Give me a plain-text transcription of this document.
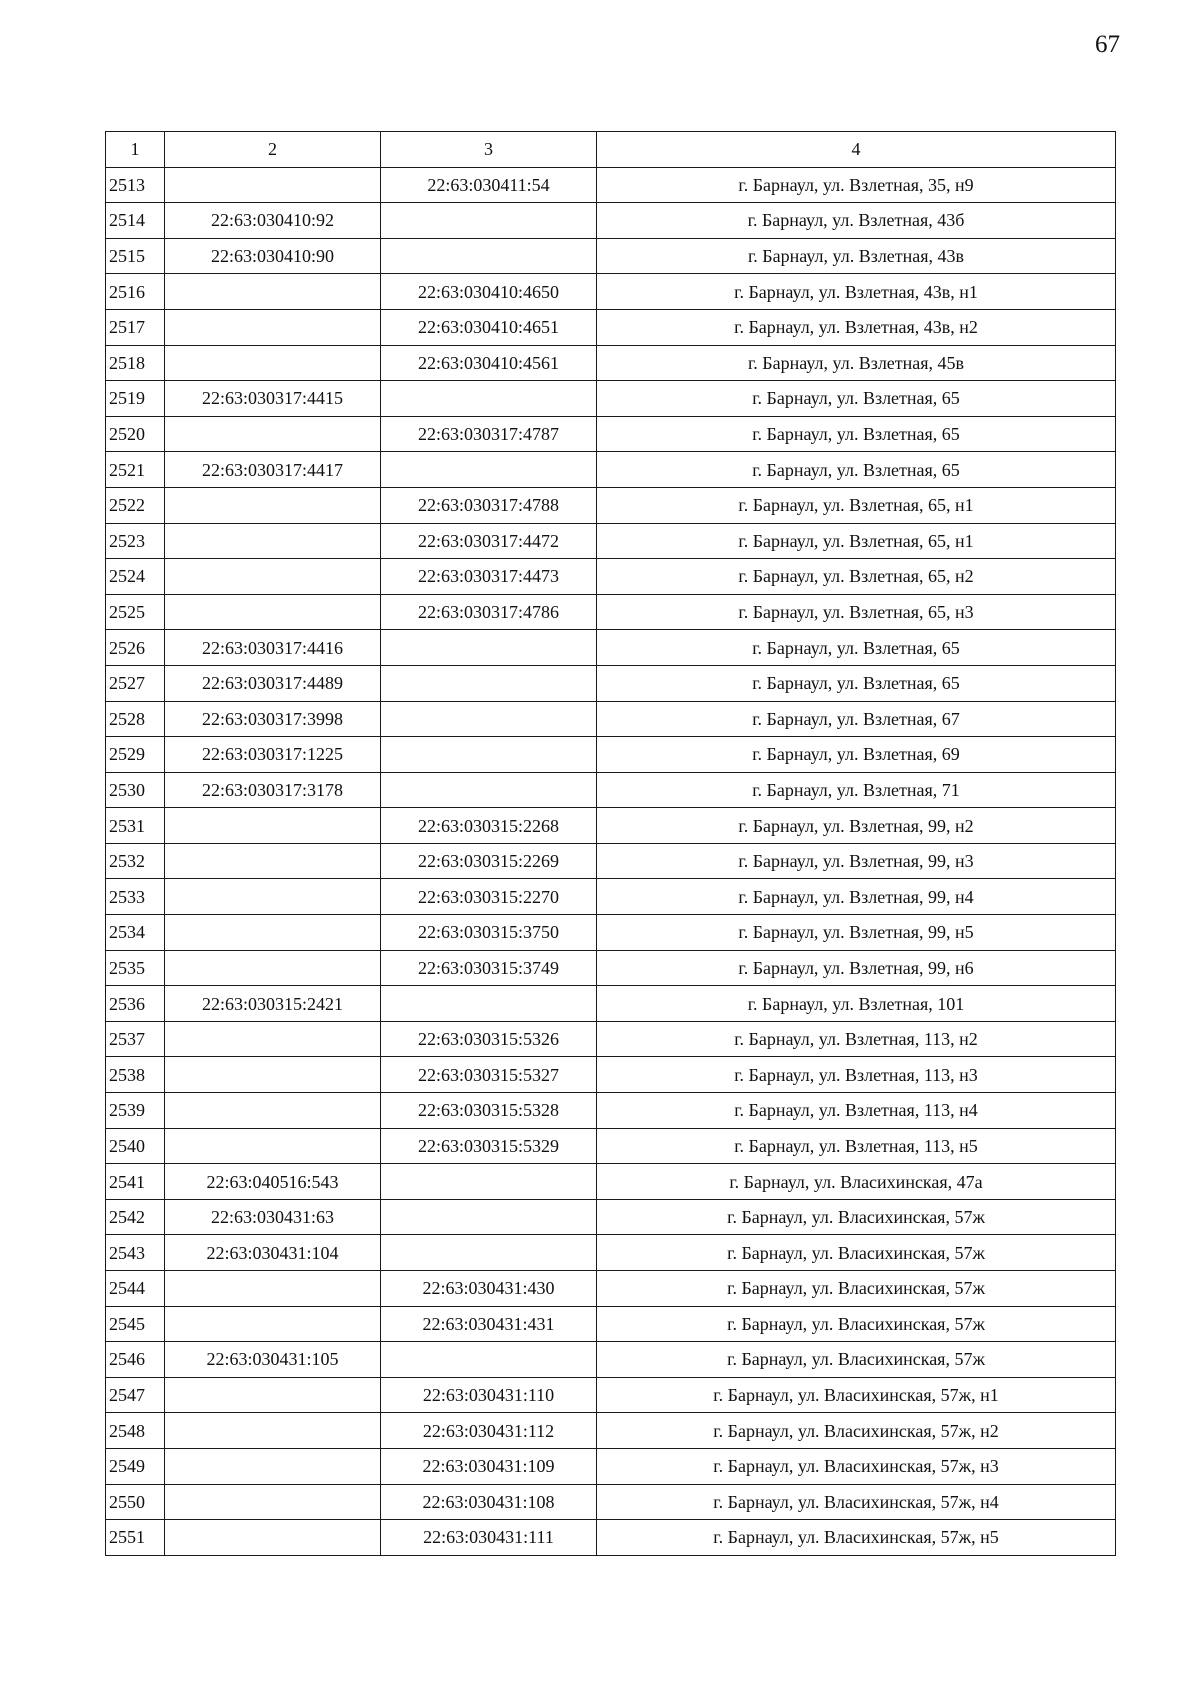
67
1	2	3	4
2513		22:63:030411:54	г. Барнаул, ул. Взлетная, 35, н9
2514	22:63:030410:92		г. Барнаул, ул. Взлетная, 43б
2515	22:63:030410:90		г. Барнаул, ул. Взлетная, 43в
2516		22:63:030410:4650	г. Барнаул, ул. Взлетная, 43в, н1
2517		22:63:030410:4651	г. Барнаул, ул. Взлетная, 43в, н2
2518		22:63:030410:4561	г. Барнаул, ул. Взлетная, 45в
2519	22:63:030317:4415		г. Барнаул, ул. Взлетная, 65
2520		22:63:030317:4787	г. Барнаул, ул. Взлетная, 65
2521	22:63:030317:4417		г. Барнаул, ул. Взлетная, 65
2522		22:63:030317:4788	г. Барнаул, ул. Взлетная, 65, н1
2523		22:63:030317:4472	г. Барнаул, ул. Взлетная, 65, н1
2524		22:63:030317:4473	г. Барнаул, ул. Взлетная, 65, н2
2525		22:63:030317:4786	г. Барнаул, ул. Взлетная, 65, н3
2526	22:63:030317:4416		г. Барнаул, ул. Взлетная, 65
2527	22:63:030317:4489		г. Барнаул, ул. Взлетная, 65
2528	22:63:030317:3998		г. Барнаул, ул. Взлетная, 67
2529	22:63:030317:1225		г. Барнаул, ул. Взлетная, 69
2530	22:63:030317:3178		г. Барнаул, ул. Взлетная, 71
2531		22:63:030315:2268	г. Барнаул, ул. Взлетная, 99, н2
2532		22:63:030315:2269	г. Барнаул, ул. Взлетная, 99, н3
2533		22:63:030315:2270	г. Барнаул, ул. Взлетная, 99, н4
2534		22:63:030315:3750	г. Барнаул, ул. Взлетная, 99, н5
2535		22:63:030315:3749	г. Барнаул, ул. Взлетная, 99, н6
2536	22:63:030315:2421		г. Барнаул, ул. Взлетная, 101
2537		22:63:030315:5326	г. Барнаул, ул. Взлетная, 113, н2
2538		22:63:030315:5327	г. Барнаул, ул. Взлетная, 113, н3
2539		22:63:030315:5328	г. Барнаул, ул. Взлетная, 113, н4
2540		22:63:030315:5329	г. Барнаул, ул. Взлетная, 113, н5
2541	22:63:040516:543		г. Барнаул, ул. Власихинская, 47а
2542	22:63:030431:63		г. Барнаул, ул. Власихинская, 57ж
2543	22:63:030431:104		г. Барнаул, ул. Власихинская, 57ж
2544		22:63:030431:430	г. Барнаул, ул. Власихинская, 57ж
2545		22:63:030431:431	г. Барнаул, ул. Власихинская, 57ж
2546	22:63:030431:105		г. Барнаул, ул. Власихинская, 57ж
2547		22:63:030431:110	г. Барнаул, ул. Власихинская, 57ж, н1
2548		22:63:030431:112	г. Барнаул, ул. Власихинская, 57ж, н2
2549		22:63:030431:109	г. Барнаул, ул. Власихинская, 57ж, н3
2550		22:63:030431:108	г. Барнаул, ул. Власихинская, 57ж, н4
2551		22:63:030431:111	г. Барнаул, ул. Власихинская, 57ж, н5
